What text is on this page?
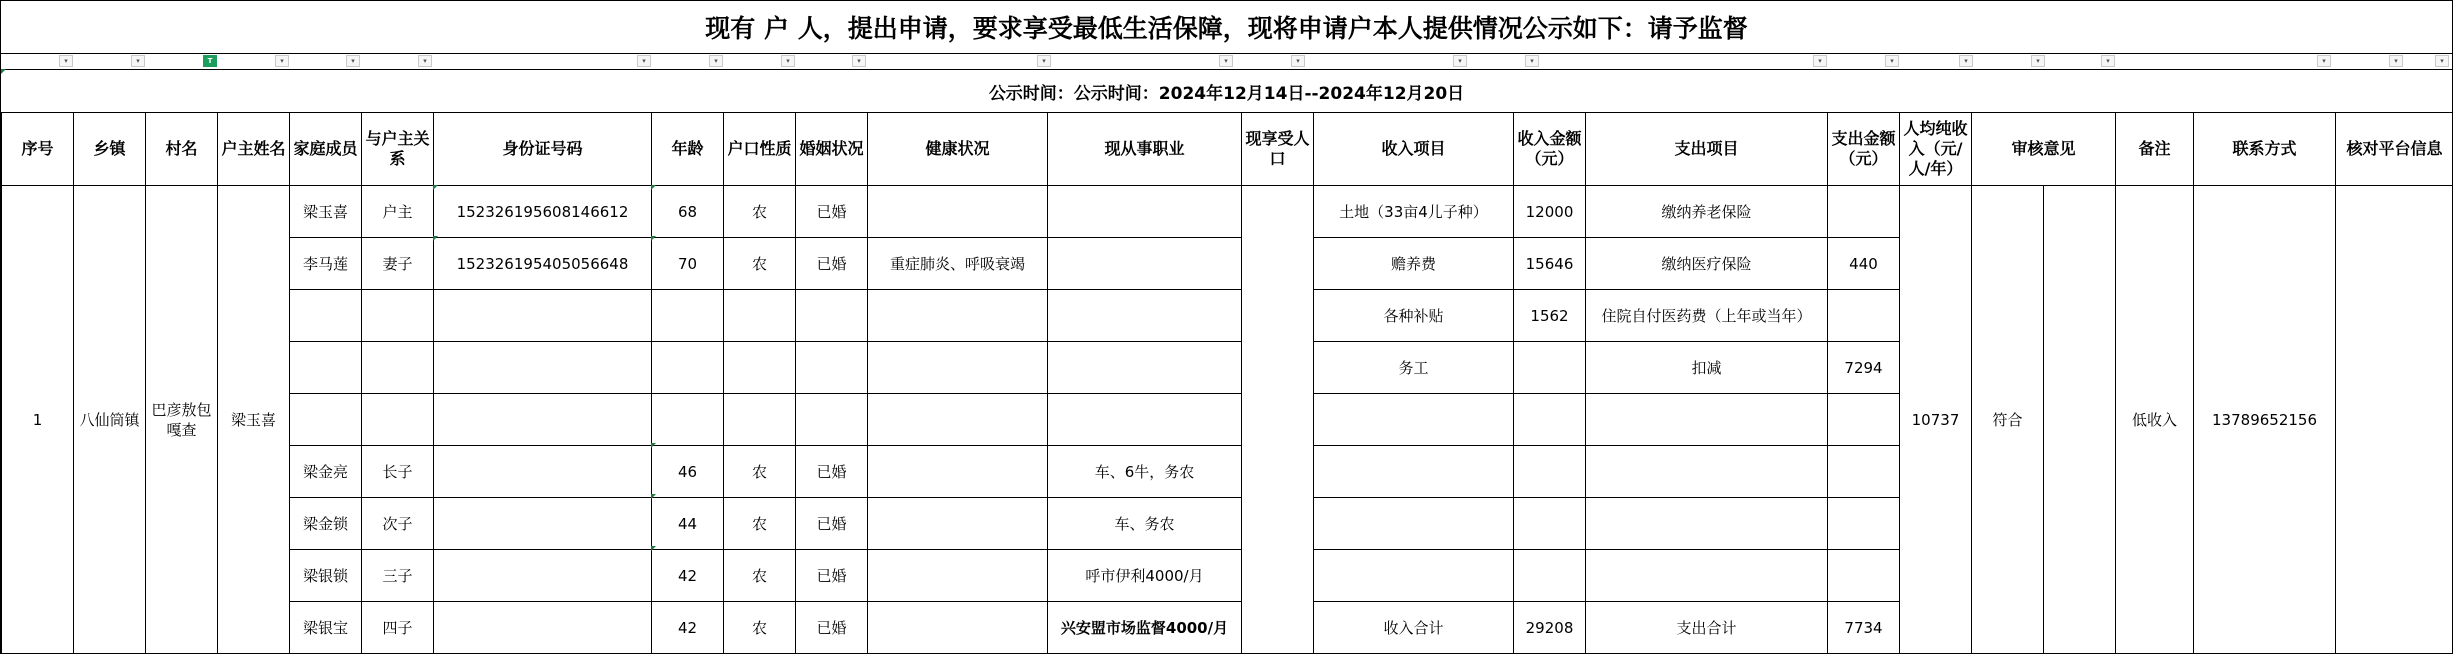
现有 户 人，提出申请，要求享受最低生活保障，现将申请户本人提供情况公示如下：请予监督
▾	▾	T	▾	▾	▾	▾	▾	▾	▾	▾	▾	▾	▾	▾	▾	▾	▾	▾	▾	▾	▾	▾
公示时间：公示时间：2024年12月14日--2024年12月20日
序号	乡镇	村名	户主姓名	家庭成员	与户主关系	身份证号码	年龄	户口性质	婚姻状况	健康状况	现从事职业	现享受人口	收入项目	收入金额（元）	支出项目	支出金额（元）	人均纯收入（元/人/年）	审核意见		备注	联系方式	核对平台信息
1	八仙筒镇	巴彦敖包嘎查	梁玉喜	梁玉喜	户主	152326195608146612	68	农	已婚				土地（33亩4儿子种）	12000	缴纳养老保险		10737	符合		低收入	13789652156	
				李马莲	妻子	152326195405056648	70	农	已婚	重症肺炎、呼吸衰竭			赡养费	15646	缴纳医疗保险	440						
													各种补贴	1562	住院自付医药费（上年或当年）							
													务工		扣减	7294						

				梁金亮	长子		46	农	已婚		车、6牛，务农											
				梁金锁	次子		44	农	已婚		车、务农											
				梁银锁	三子		42	农	已婚		呼市伊利4000/月											
				梁银宝	四子		42	农	已婚		兴安盟市场监督4000/月		收入合计	29208	支出合计	7734						
